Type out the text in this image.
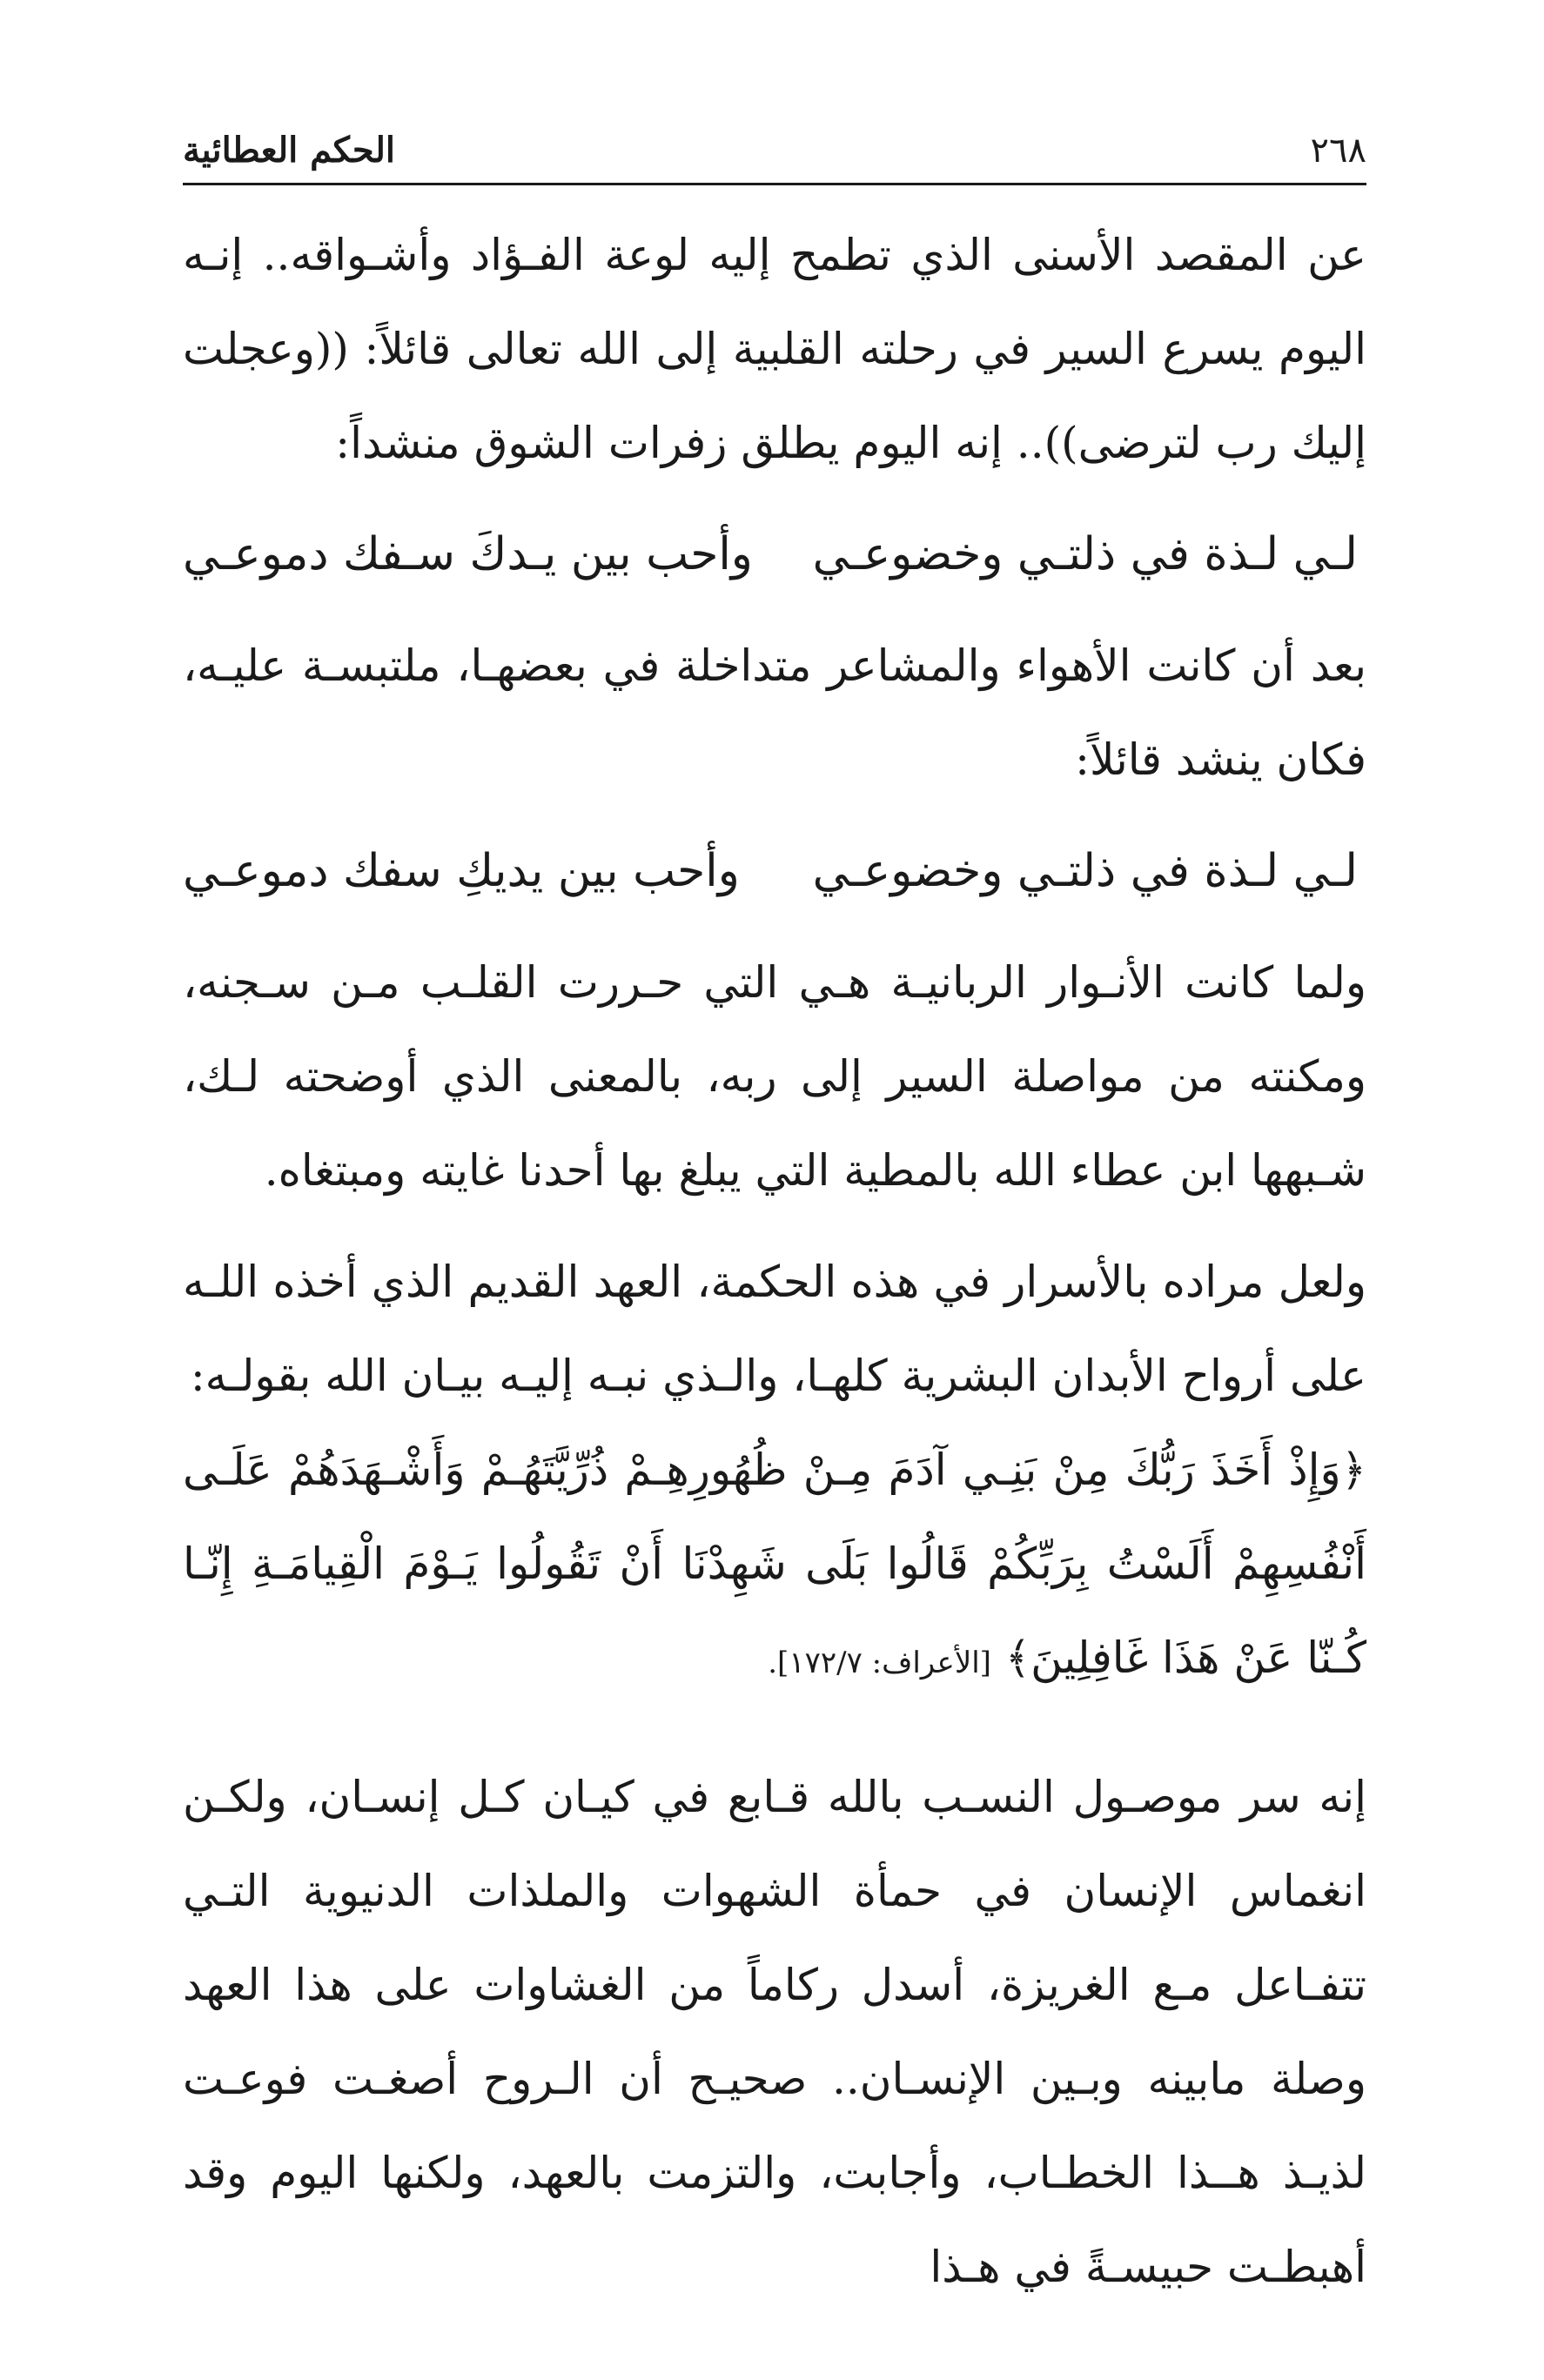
٢٦٨
الحكم العطائية

عن المقصد الأسنى الذي تطمح إليه لوعة الفـؤاد وأشـواقه.. إنـه اليوم يسرع السير في رحلته القلبية إلى الله تعالى قائلاً: ((وعجلت إليك رب لترضى)).. إنه اليوم يطلق زفرات الشوق منشداً:

لـي لـذة في ذلتـي وخضوعـي
وأحب بين يـدكَ سـفك دموعـي

بعد أن كانت الأهواء والمشاعر متداخلة في بعضهـا، ملتبسـة عليـه، فكان ينشد قائلاً:

لـي لـذة في ذلتـي وخضوعـي
وأحب بين يديكِ سفك دموعـي

ولما كانت الأنـوار الربانيـة هـي التي حـررت القلـب مـن سـجنه، ومكنته من مواصلة السير إلى ربه، بالمعنى الذي أوضحته لـك، شـبهها ابن عطاء الله بالمطية التي يبلغ بها أحدنا غايته ومبتغاه.

ولعل مراده بالأسرار في هذه الحكمة، العهد القديم الذي أخذه اللـه على أرواح الأبدان البشرية كلهـا، والـذي نبـه إليـه بيـان الله بقولـه:

﴿وَإِذْ أَخَذَ رَبُّكَ مِنْ بَنِـي آدَمَ مِـنْ ظُهُورِهِـمْ ذُرِّيَّتَهُـمْ وَأَشْـهَدَهُمْ عَلَـى أَنْفُسِهِمْ أَلَسْتُ بِرَبِّكُمْ قَالُوا بَلَى شَهِدْنَا أَنْ تَقُولُوا يَـوْمَ الْقِيامَـةِ إِنّـا كُـنّا عَنْ هَذَا غَافِلِينَ﴾ [الأعراف: ١٧٢/٧].

إنه سر موصـول النسـب بالله قـابع في كيـان كـل إنسـان، ولكـن انغماس الإنسان في حمأة الشهوات والملذات الدنيوية التـي تتفـاعل مـع الغريزة، أسدل ركاماً من الغشاوات على هذا العهد وصلة مابينه وبـين الإنسـان.. صحيـح أن الـروح أصغـت فوعـت لذيـذ هــذا الخطـاب، وأجابت، والتزمت بالعهد، ولكنها اليوم وقد أهبطـت حبيسـةً في هـذا
